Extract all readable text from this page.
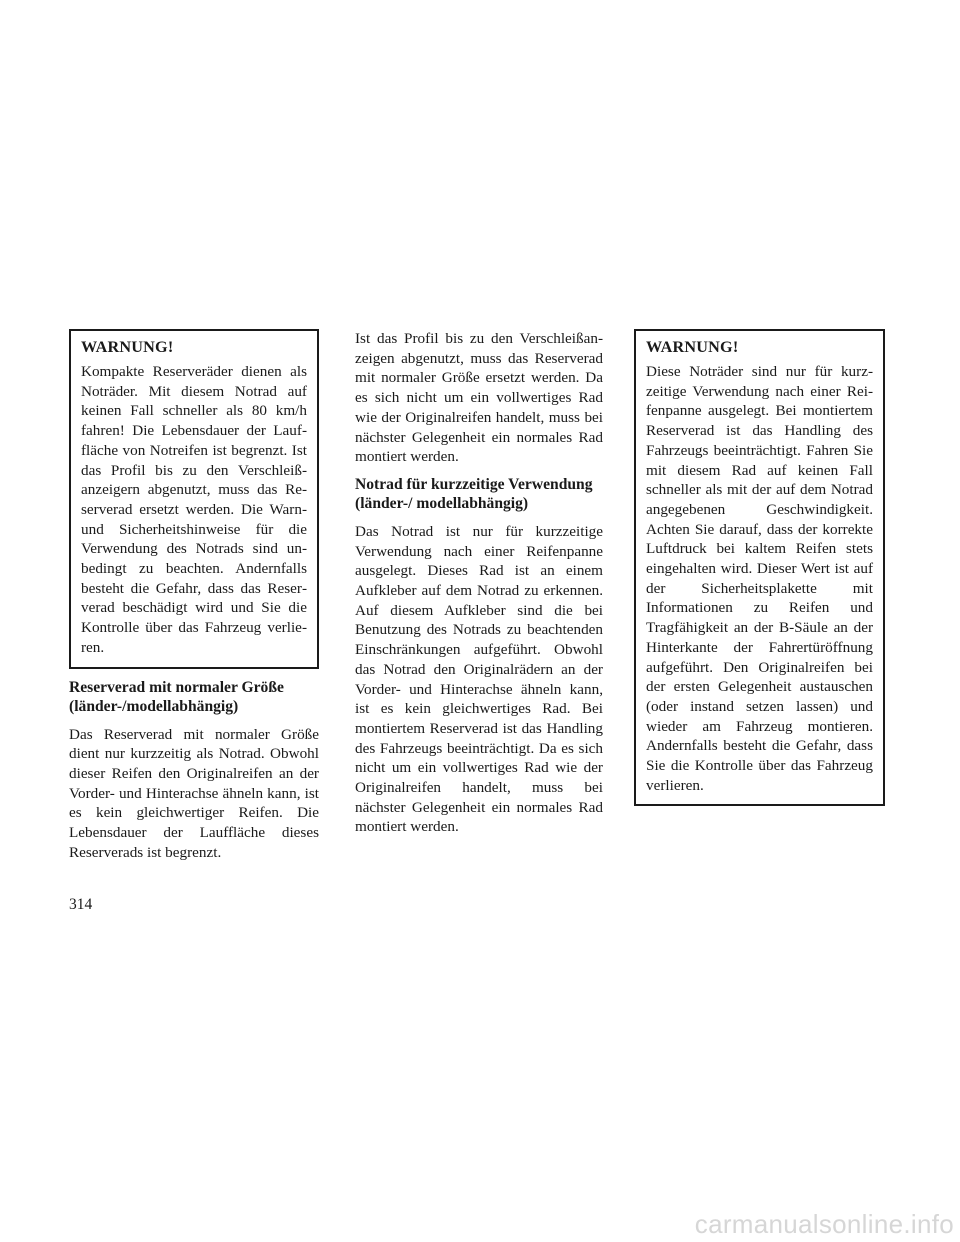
WARNUNG!

Kompakte Reserveräder dienen als Noträder. Mit diesem Notrad auf keinen Fall schneller als 80 km/h fahren! Die Lebensdauer der Lauffläche von Notreifen ist begrenzt. Ist das Profil bis zu den Verschleißanzeigern abgenutzt, muss das Reserverad ersetzt werden. Die Warn- und Sicherheitshinweise für die Verwendung des Notrads sind unbedingt zu beachten. Andernfalls besteht die Gefahr, dass das Reserverad beschädigt wird und Sie die Kontrolle über das Fahrzeug verlieren.

Reserverad mit normaler Größe (länder-/modellabhängig)

Das Reserverad mit normaler Größe dient nur kurzzeitig als Notrad. Obwohl dieser Reifen den Originalreifen an der Vorder- und Hinterachse ähneln kann, ist es kein gleichwertiger Reifen. Die Lebensdauer der Lauffläche dieses Reserverads ist begrenzt.

Ist das Profil bis zu den Verschleißanzeigen abgenutzt, muss das Reserverad mit normaler Größe ersetzt werden. Da es sich nicht um ein vollwertiges Rad wie der Originalreifen handelt, muss bei nächster Gelegenheit ein normales Rad montiert werden.

Notrad für kurzzeitige Verwendung (länder-/ modellabhängig)

Das Notrad ist nur für kurzzeitige Verwendung nach einer Reifenpanne ausgelegt. Dieses Rad ist an einem Aufkleber auf dem Notrad zu erkennen. Auf diesem Aufkleber sind die bei Benutzung des Notrads zu beachtenden Einschränkungen aufgeführt. Obwohl das Notrad den Originalrädern an der Vorder- und Hinterachse ähneln kann, ist es kein gleichwertiges Rad. Bei montiertem Reserverad ist das Handling des Fahrzeugs beeinträchtigt. Da es sich nicht um ein vollwertiges Rad wie der Originalreifen handelt, muss bei nächster Gelegenheit ein normales Rad montiert werden.

WARNUNG!

Diese Noträder sind nur für kurzzeitige Verwendung nach einer Reifenpanne ausgelegt. Bei montiertem Reserverad ist das Handling des Fahrzeugs beeinträchtigt. Fahren Sie mit diesem Rad auf keinen Fall schneller als mit der auf dem Notrad angegebenen Geschwindigkeit. Achten Sie darauf, dass der korrekte Luftdruck bei kaltem Reifen stets eingehalten wird. Dieser Wert ist auf der Sicherheitsplakette mit Informationen zu Reifen und Tragfähigkeit an der B-Säule an der Hinterkante der Fahrertüröffnung aufgeführt. Den Originalreifen bei der ersten Gelegenheit austauschen (oder instand setzen lassen) und wieder am Fahrzeug montieren. Andernfalls besteht die Gefahr, dass Sie die Kontrolle über das Fahrzeug verlieren.

314
carmanualsonline.info
